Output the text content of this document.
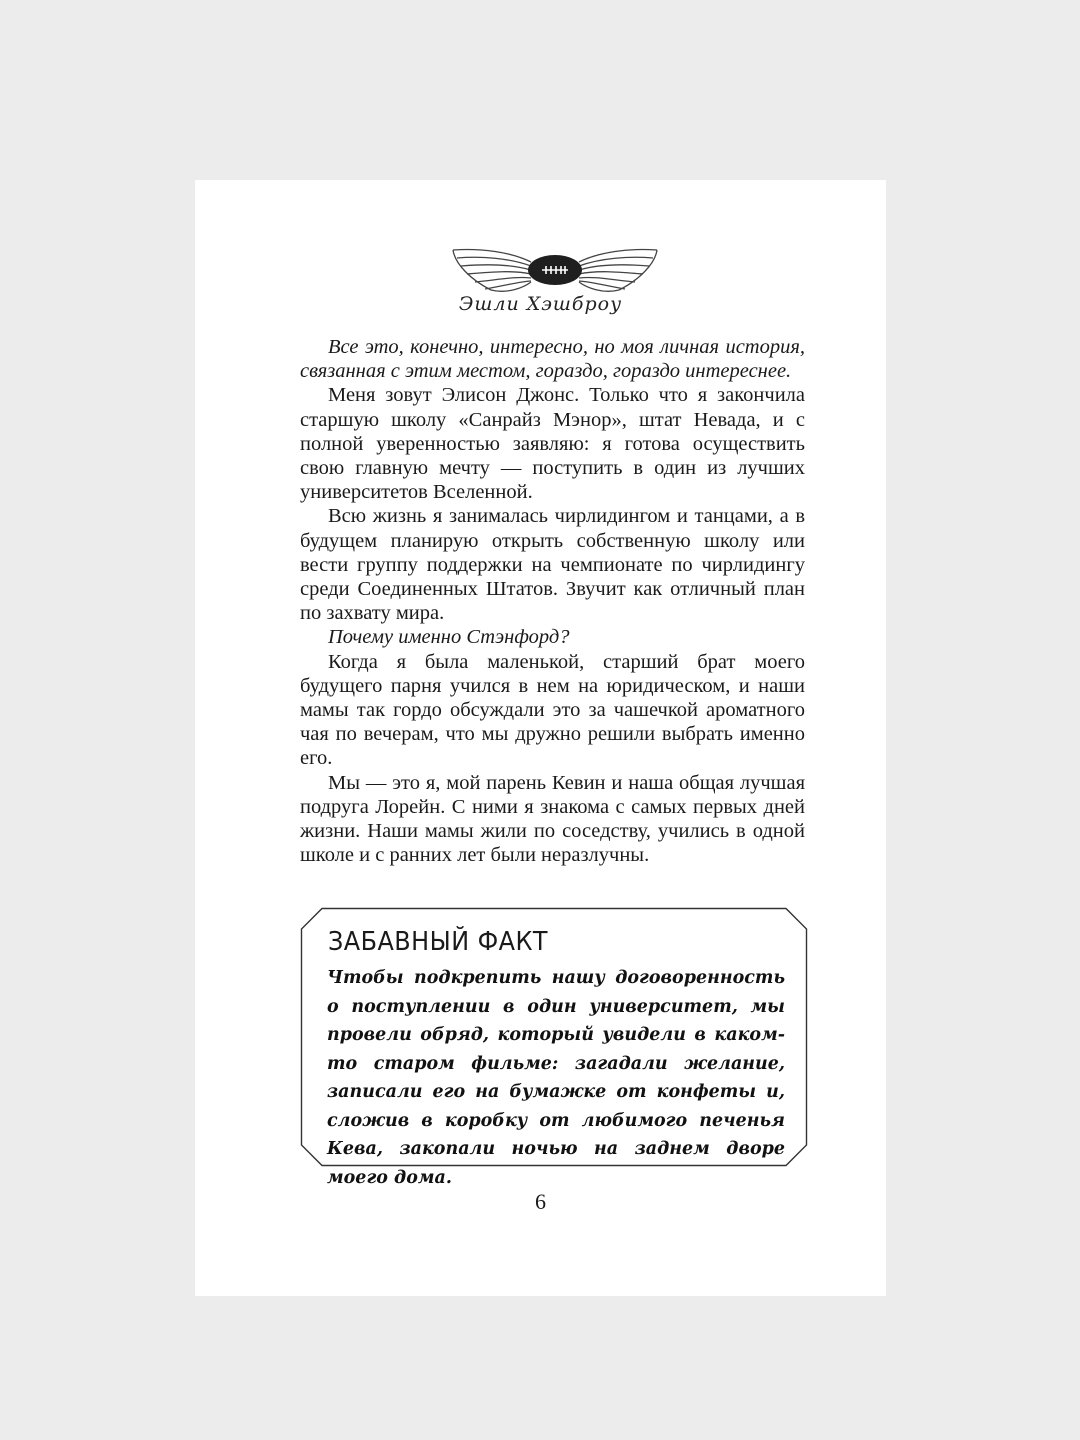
Эшли Хэшброу

Все это, конечно, интересно, но моя личная история, связанная с этим местом, гораздо, гораздо интереснее.

Меня зовут Элисон Джонс. Только что я закончила старшую школу «Санрайз Мэнор», штат Невада, и с полной уверенностью заявляю: я готова осуществить свою главную мечту — поступить в один из лучших университетов Вселенной.

Всю жизнь я занималась чирлидингом и танцами, а в будущем планирую открыть собственную школу или вести группу поддержки на чемпионате по чирлидингу среди Соединенных Штатов. Звучит как отличный план по захвату мира.

Почему именно Стэнфорд?

Когда я была маленькой, старший брат моего будущего парня учился в нем на юридическом, и наши мамы так гордо обсуждали это за чашечкой ароматного чая по вечерам, что мы дружно решили выбрать именно его.

Мы — это я, мой парень Кевин и наша общая лучшая подруга Лорейн. С ними я знакома с самых первых дней жизни. Наши мамы жили по соседству, учились в одной школе и с ранних лет были неразлучны.

ЗАБАВНЫЙ ФАКТ
Чтобы подкрепить нашу договоренность о поступлении в один университет, мы провели обряд, который увидели в каком-то старом фильме: загадали желание, записали его на бумажке от конфеты и, сложив в коробку от любимого печенья Кева, закопали ночью на заднем дворе моего дома.
6
